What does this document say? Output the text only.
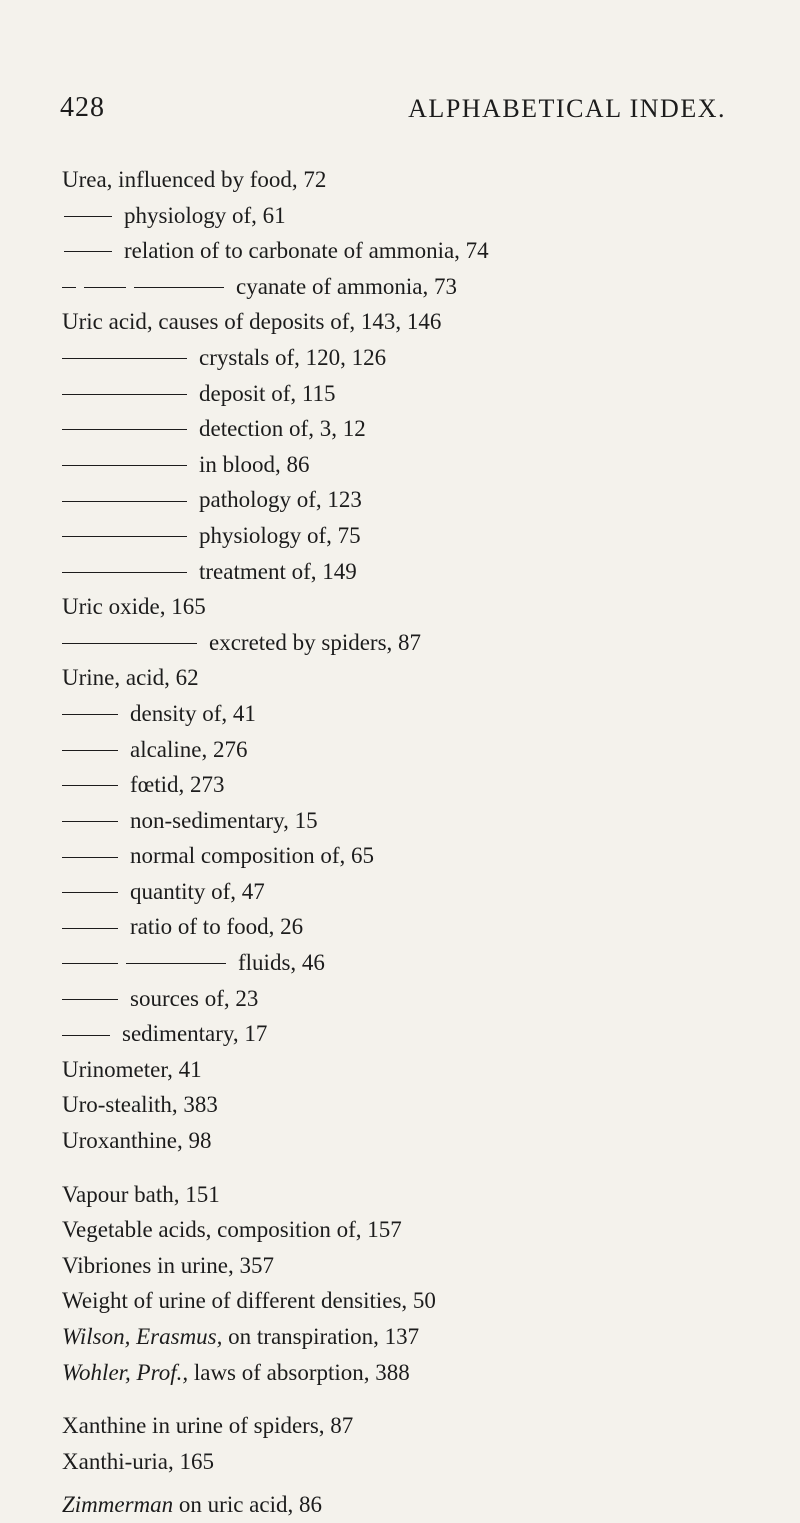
428	ALPHABETICAL INDEX.
Urea, influenced by food, 72
physiology of, 61
relation of to carbonate of ammonia, 74
cyanate of ammonia, 73
Uric acid, causes of deposits of, 143, 146
crystals of, 120, 126
deposit of, 115
detection of, 3, 12
in blood, 86
pathology of, 123
physiology of, 75
treatment of, 149
Uric oxide, 165
excreted by spiders, 87
Urine, acid, 62
density of, 41
alcaline, 276
fœtid, 273
non-sedimentary, 15
normal composition of, 65
quantity of, 47
ratio of to food, 26
fluids, 46
sources of, 23
sedimentary, 17
Urinometer, 41
Uro-stealith, 383
Uroxanthine, 98
Vapour bath, 151
Vegetable acids, composition of, 157
Vibriones in urine, 357
Weight of urine of different densities, 50
Wilson, Erasmus, on transpiration, 137
Wohler, Prof., laws of absorption, 388
Xanthine in urine of spiders, 87
Xanthi-uria, 165
Zimmerman on uric acid, 86
